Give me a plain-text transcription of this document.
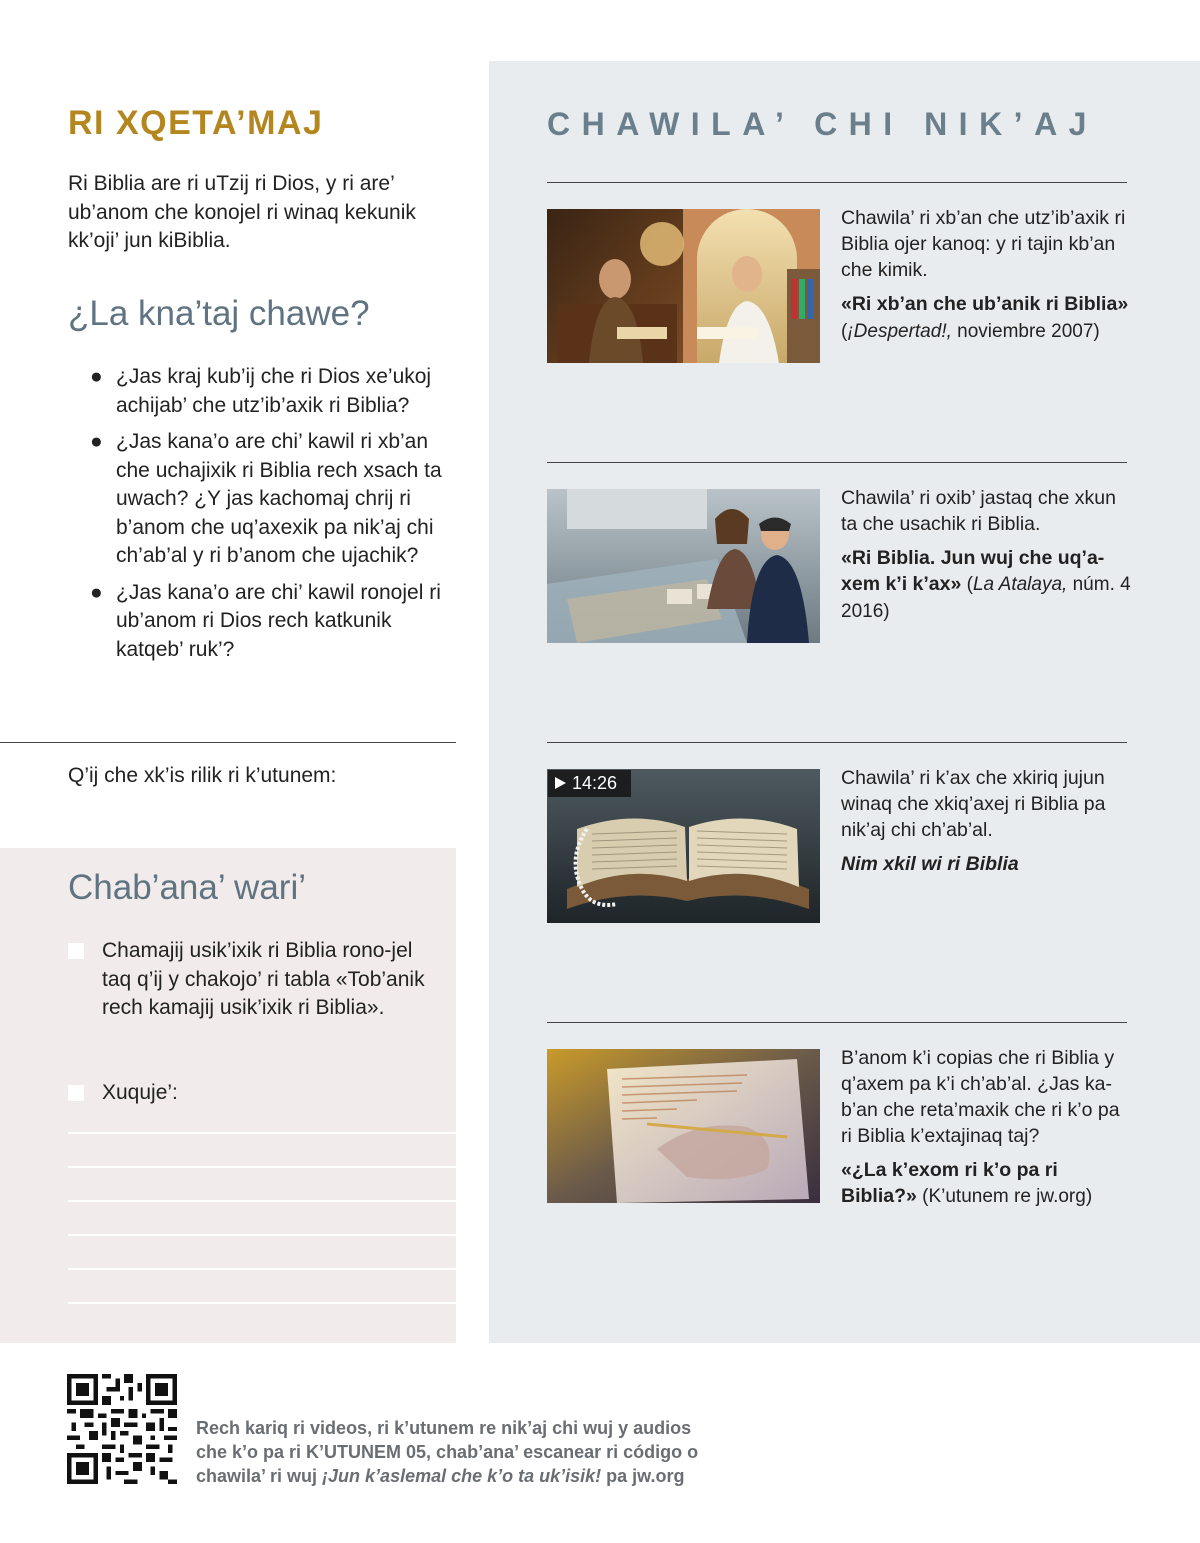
RI XQETA’MAJ
Ri Biblia are ri uTzij ri Dios, y ri are’ ub’anom che konojel ri winaq kekunik kk’oji’ jun kiBiblia.
¿La kna’taj chawe?
● ¿Jas kraj kub’ij che ri Dios xe’ukoj achijab’ che utz’ib’axik ri Biblia?
● ¿Jas kana’o are chi’ kawil ri xb’an che uchajixik ri Biblia rech xsach ta uwach? ¿Y jas kachomaj chrij ri b’anom che uq’axexik pa nik’aj chi ch’ab’al y ri b’anom che ujachik?
● ¿Jas kana’o are chi’ kawil ronojel ri ub’anom ri Dios rech katkunik katqeb’ ruk’?
Q’ij che xk’is rilik ri k’utunem:
Chab’ana’ wari’
Chamajij usik’ixik ri Biblia rono-jel taq q’ij y chakojo’ ri tabla «Tob’anik rech kamajij usik’ixik ri Biblia».
Xuquje’:
CHAWILA’ CHI NIK’AJ
Chawila’ ri xb’an che utz’ib’axik ri Biblia ojer kanoq: y ri tajin kb’an che kimik.
«Ri xb’an che ub’anik ri Biblia» (¡Despertad!, noviembre 2007)
Chawila’ ri oxib’ jastaq che xkun ta che usachik ri Biblia.
«Ri Biblia. Jun wuj che uq’a-xem k’i k’ax» (La Atalaya, núm. 4 2016)
14:26	Chawila’ ri k’ax che xkiriq jujun winaq che xkiq’axej ri Biblia pa nik’aj chi ch’ab’al.
Nim xkil wi ri Biblia
B’anom k’i copias che ri Biblia y q’axem pa k’i ch’ab’al. ¿Jas ka-b’an che reta’maxik che ri k’o pa ri Biblia k’extajinaq taj?
«¿La k’exom ri k’o pa ri Biblia?» (K’utunem re jw.org)
Rech kariq ri videos, ri k’utunem re nik’aj chi wuj y audios che k’o pa ri K’UTUNEM 05, chab’ana’ escanear ri código o chawila’ ri wuj ¡Jun k’aslemal che k’o ta uk’isik! pa jw.org
